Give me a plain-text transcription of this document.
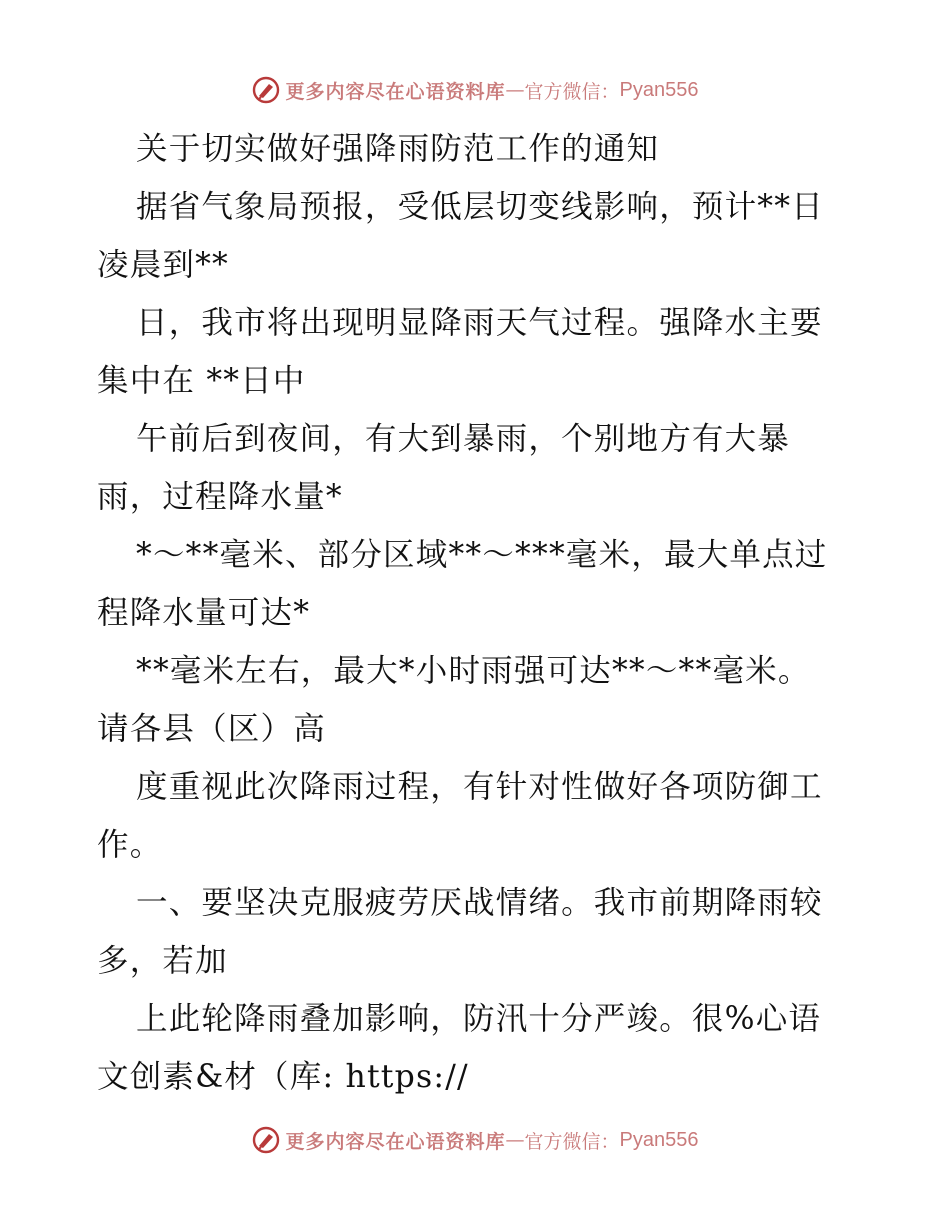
更多内容尽在心语资料库 — 官方微信： Pyan556
关于切实做好强降雨防范工作的通知
据省气象局预报，受低层切变线影响，预计**日
凌晨到**
日，我市将出现明显降雨天气过程。强降水主要
集中在 **日中
午前后到夜间，有大到暴雨，个别地方有大暴
雨，过程降水量*
*～**毫米、部分区域**～***毫米，最大单点过
程降水量可达*
**毫米左右，最大*小时雨强可达**～**毫米。
请各县（区）高
度重视此次降雨过程，有针对性做好各项防御工
作。
一、要坚决克服疲劳厌战情绪。我市前期降雨较
多，若加
上此轮降雨叠加影响，防汛十分严竣。很%心语
文创素&材（库: https://
更多内容尽在心语资料库 — 官方微信： Pyan556
